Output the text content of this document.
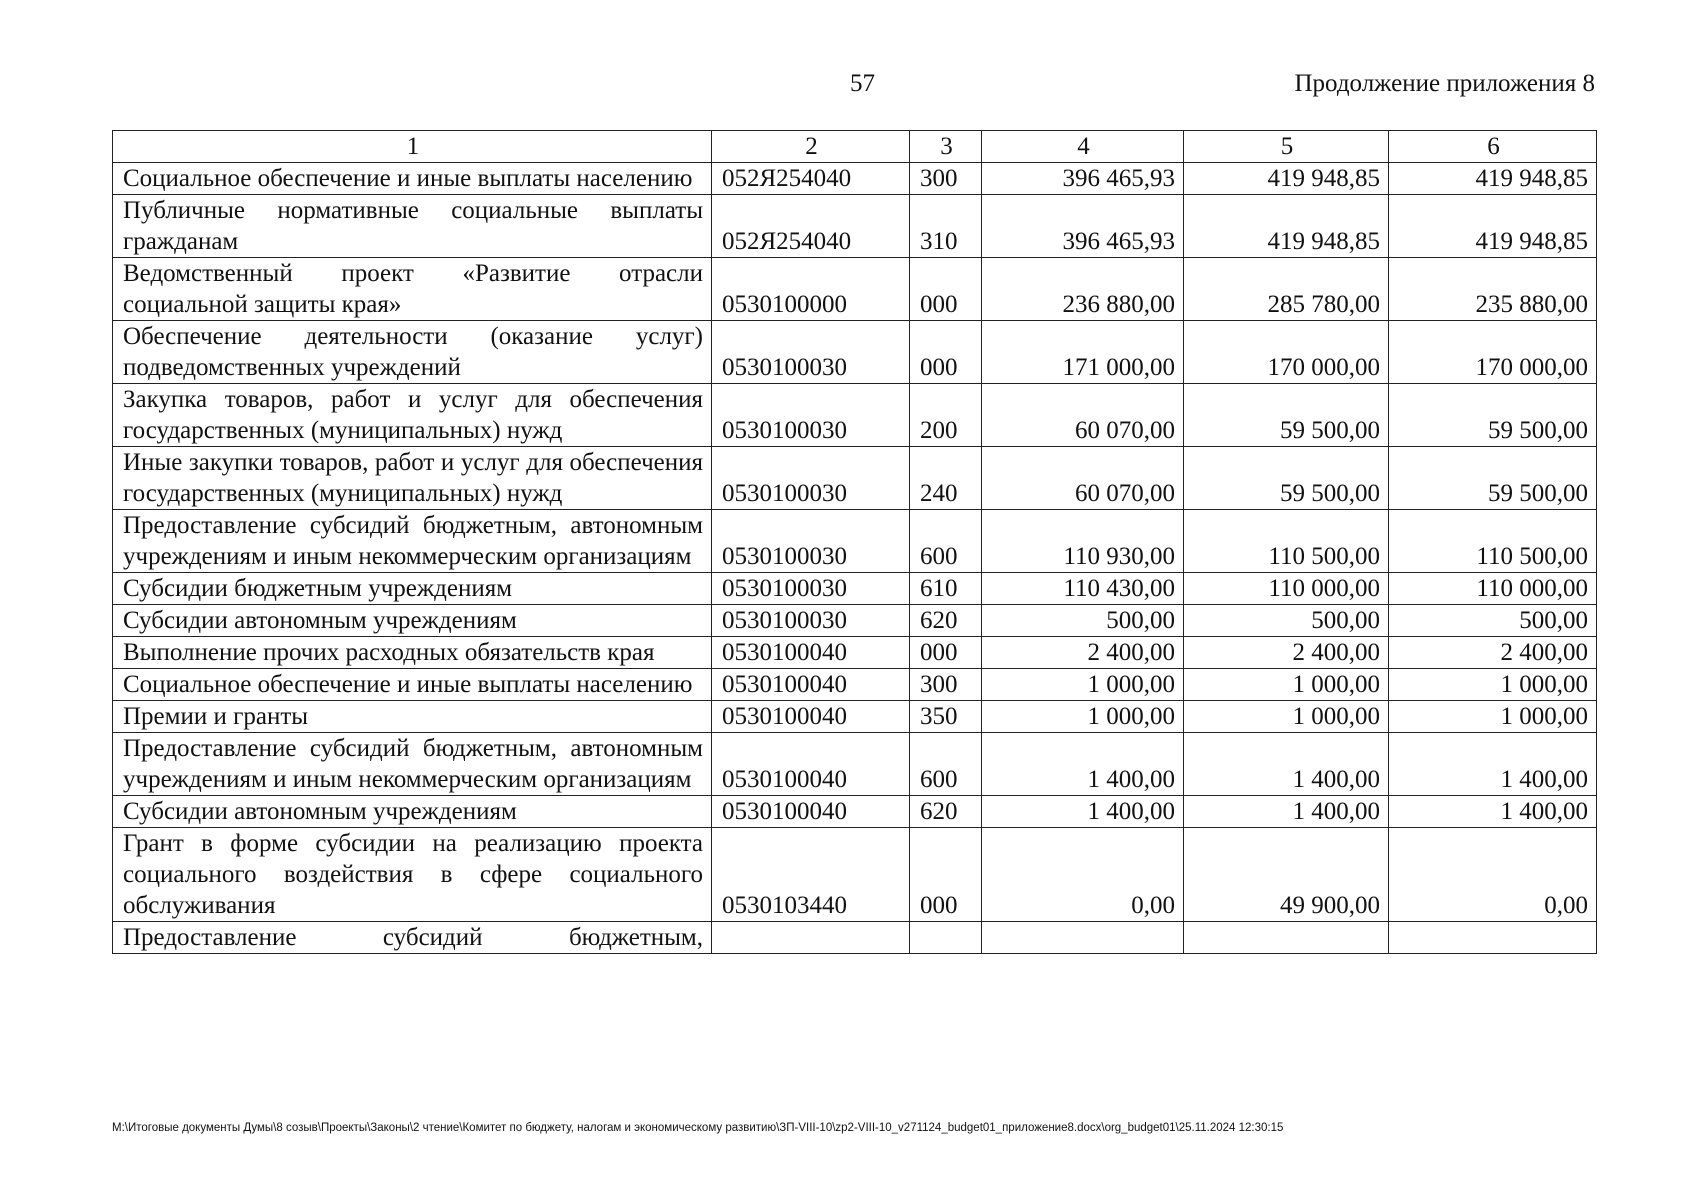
57	Продолжение приложения 8
1	2	3	4	5	6
Социальное обеспечение и иные выплаты населению	052Я254040	300	396 465,93	419 948,85	419 948,85
Публичные нормативные социальные выплаты гражданам	052Я254040	310	396 465,93	419 948,85	419 948,85
Ведомственный проект «Развитие отрасли социальной защиты края»	0530100000	000	236 880,00	285 780,00	235 880,00
Обеспечение деятельности (оказание услуг) подведомственных учреждений	0530100030	000	171 000,00	170 000,00	170 000,00
Закупка товаров, работ и услуг для обеспечения государственных (муниципальных) нужд	0530100030	200	60 070,00	59 500,00	59 500,00
Иные закупки товаров, работ и услуг для обеспечения государственных (муниципальных) нужд	0530100030	240	60 070,00	59 500,00	59 500,00
Предоставление субсидий бюджетным, автономным учреждениям и иным некоммерческим организациям	0530100030	600	110 930,00	110 500,00	110 500,00
Субсидии бюджетным учреждениям	0530100030	610	110 430,00	110 000,00	110 000,00
Субсидии автономным учреждениям	0530100030	620	500,00	500,00	500,00
Выполнение прочих расходных обязательств края	0530100040	000	2 400,00	2 400,00	2 400,00
Социальное обеспечение и иные выплаты населению	0530100040	300	1 000,00	1 000,00	1 000,00
Премии и гранты	0530100040	350	1 000,00	1 000,00	1 000,00
Предоставление субсидий бюджетным, автономным учреждениям и иным некоммерческим организациям	0530100040	600	1 400,00	1 400,00	1 400,00
Субсидии автономным учреждениям	0530100040	620	1 400,00	1 400,00	1 400,00
Грант в форме субсидии на реализацию проекта социального воздействия в сфере социального обслуживания	0530103440	000	0,00	49 900,00	0,00
Предоставление субсидий бюджетным,					
M:\Итоговые документы Думы\8 созыв\Проекты\Законы\2 чтение\Комитет по бюджету, налогам и экономическому развитию\ЗП-VIII-10\zp2-VIII-10_v271124_budget01_приложение8.docx\org_budget01\25.11.2024 12:30:15
